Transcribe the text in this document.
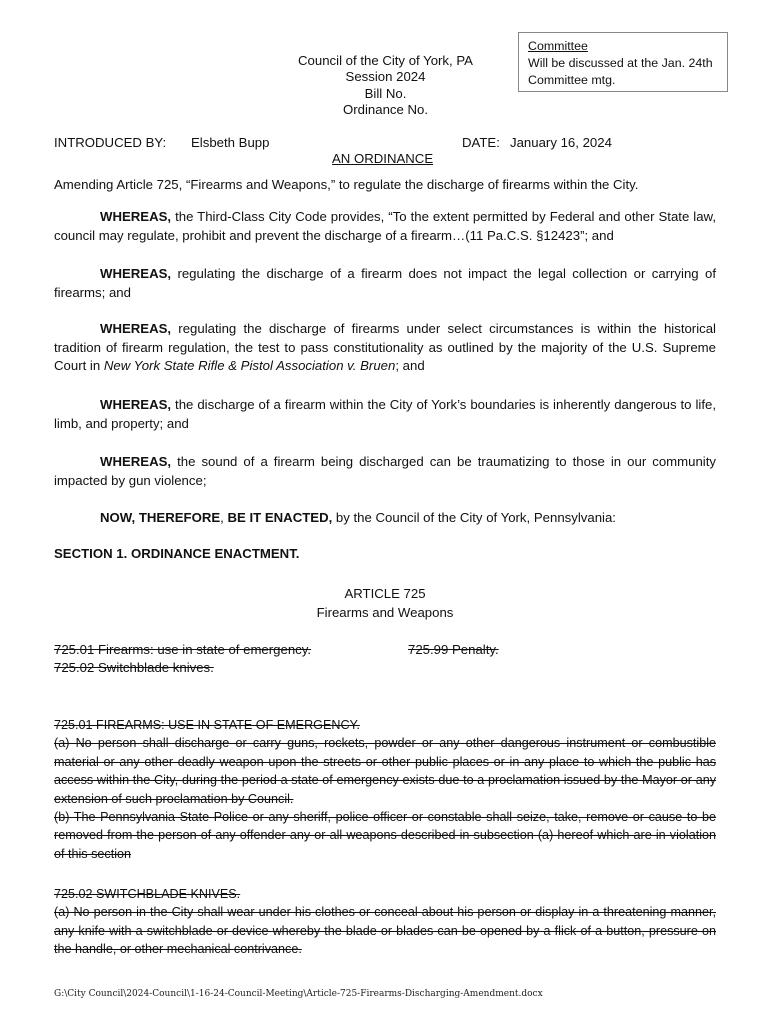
Council of the City of York, PA
Session 2024
Bill No.
Ordinance No.
Committee
Will be discussed at the Jan. 24th
Committee mtg.
INTRODUCED BY: Elsbeth Bupp	DATE: January 16, 2024
AN ORDINANCE
Amending Article 725, “Firearms and Weapons,” to regulate the discharge of firearms within the City.
WHEREAS, the Third-Class City Code provides, “To the extent permitted by Federal and other State law, council may regulate, prohibit and prevent the discharge of a firearm…(11 Pa.C.S. §12423”; and
WHEREAS, regulating the discharge of a firearm does not impact the legal collection or carrying of firearms; and
WHEREAS, regulating the discharge of firearms under select circumstances is within the historical tradition of firearm regulation, the test to pass constitutionality as outlined by the majority of the U.S. Supreme Court in New York State Rifle & Pistol Association v. Bruen; and
WHEREAS, the discharge of a firearm within the City of York’s boundaries is inherently dangerous to life, limb, and property; and
WHEREAS, the sound of a firearm being discharged can be traumatizing to those in our community impacted by gun violence;
NOW, THEREFORE, BE IT ENACTED, by the Council of the City of York, Pennsylvania:
SECTION 1. ORDINANCE ENACTMENT.
ARTICLE 725
Firearms and Weapons
725.01 Firearms: use in state of emergency.
725.02 Switchblade knives.
725.99 Penalty.
725.01 FIREARMS: USE IN STATE OF EMERGENCY.
(a) No person shall discharge or carry guns, rockets, powder or any other dangerous instrument or combustible material or any other deadly weapon upon the streets or other public places or in any place to which the public has access within the City, during the period a state of emergency exists due to a proclamation issued by the Mayor or any extension of such proclamation by Council.
(b) The Pennsylvania State Police or any sheriff, police officer or constable shall seize, take, remove or cause to be removed from the person of any offender any or all weapons described in subsection (a) hereof which are in violation of this section
725.02 SWITCHBLADE KNIVES.
(a) No person in the City shall wear under his clothes or conceal about his person or display in a threatening manner, any knife with a switchblade or device whereby the blade or blades can be opened by a flick of a button, pressure on the handle, or other mechanical contrivance.
G:\City Council\2024-Council\1-16-24-Council-Meeting\Article-725-Firearms-Discharging-Amendment.docx
